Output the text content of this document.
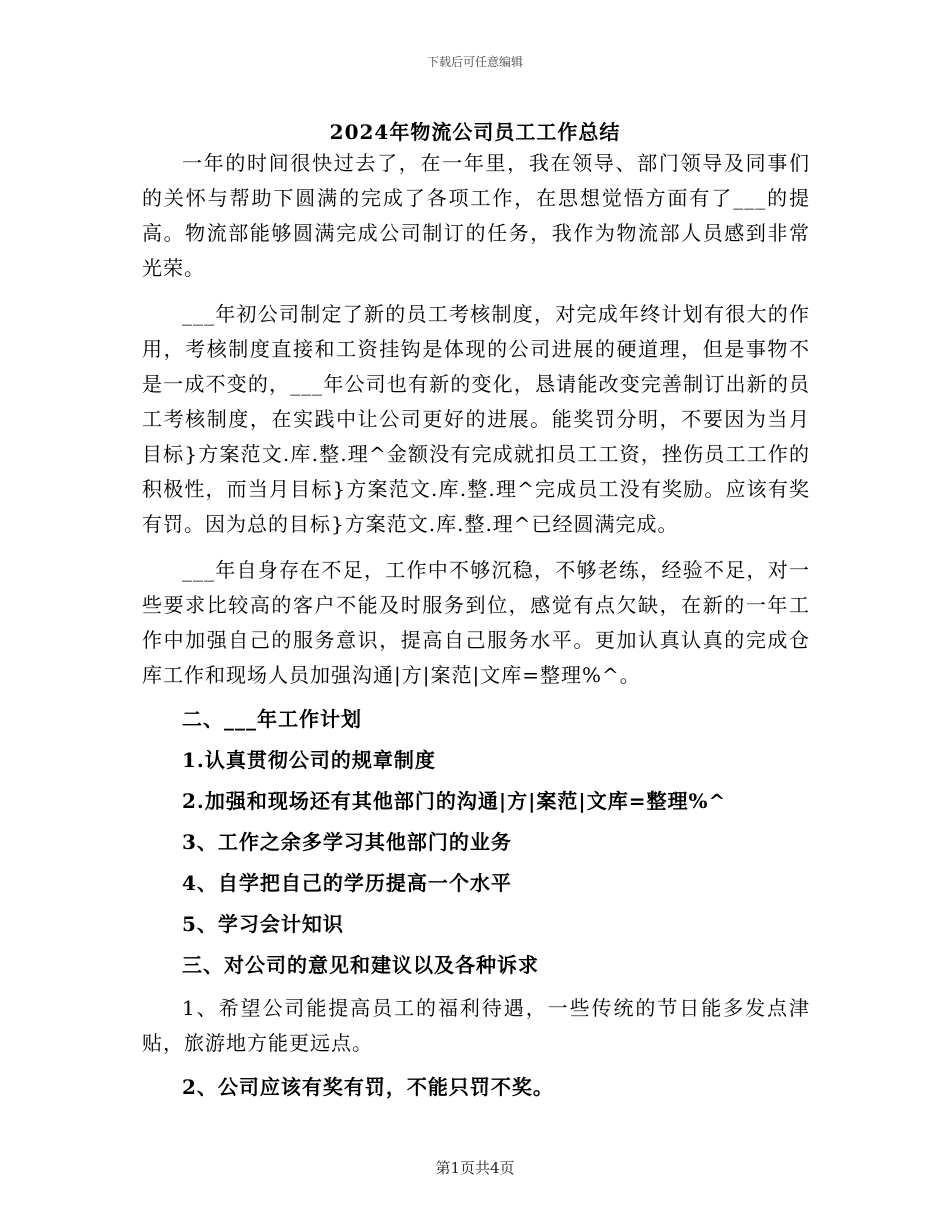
下载后可任意编辑
2024年物流公司员工工作总结

一年的时间很快过去了，在一年里，我在领导、部门领导及同事们的关怀与帮助下圆满的完成了各项工作，在思想觉悟方面有了___的提高。物流部能够圆满完成公司制订的任务，我作为物流部人员感到非常光荣。

___年初公司制定了新的员工考核制度，对完成年终计划有很大的作用，考核制度直接和工资挂钩是体现的公司进展的硬道理，但是事物不是一成不变的，___年公司也有新的变化，恳请能改变完善制订出新的员工考核制度，在实践中让公司更好的进展。能奖罚分明，不要因为当月目标}方案范文.库.整.理^金额没有完成就扣员工工资，挫伤员工工作的积极性，而当月目标}方案范文.库.整.理^完成员工没有奖励。应该有奖有罚。因为总的目标}方案范文.库.整.理^已经圆满完成。

___年自身存在不足，工作中不够沉稳，不够老练，经验不足，对一些要求比较高的客户不能及时服务到位，感觉有点欠缺，在新的一年工作中加强自己的服务意识，提高自己服务水平。更加认真认真的完成仓库工作和现场人员加强沟通|方|案范|文库=整理%^。

二、___年工作计划
1.认真贯彻公司的规章制度
2.加强和现场还有其他部门的沟通|方|案范|文库=整理%^
3、工作之余多学习其他部门的业务
4、自学把自己的学历提高一个水平
5、学习会计知识
三、对公司的意见和建议以及各种诉求

1、希望公司能提高员工的福利待遇，一些传统的节日能多发点津贴，旅游地方能更远点。

2、公司应该有奖有罚，不能只罚不奖。
第1页共4页
